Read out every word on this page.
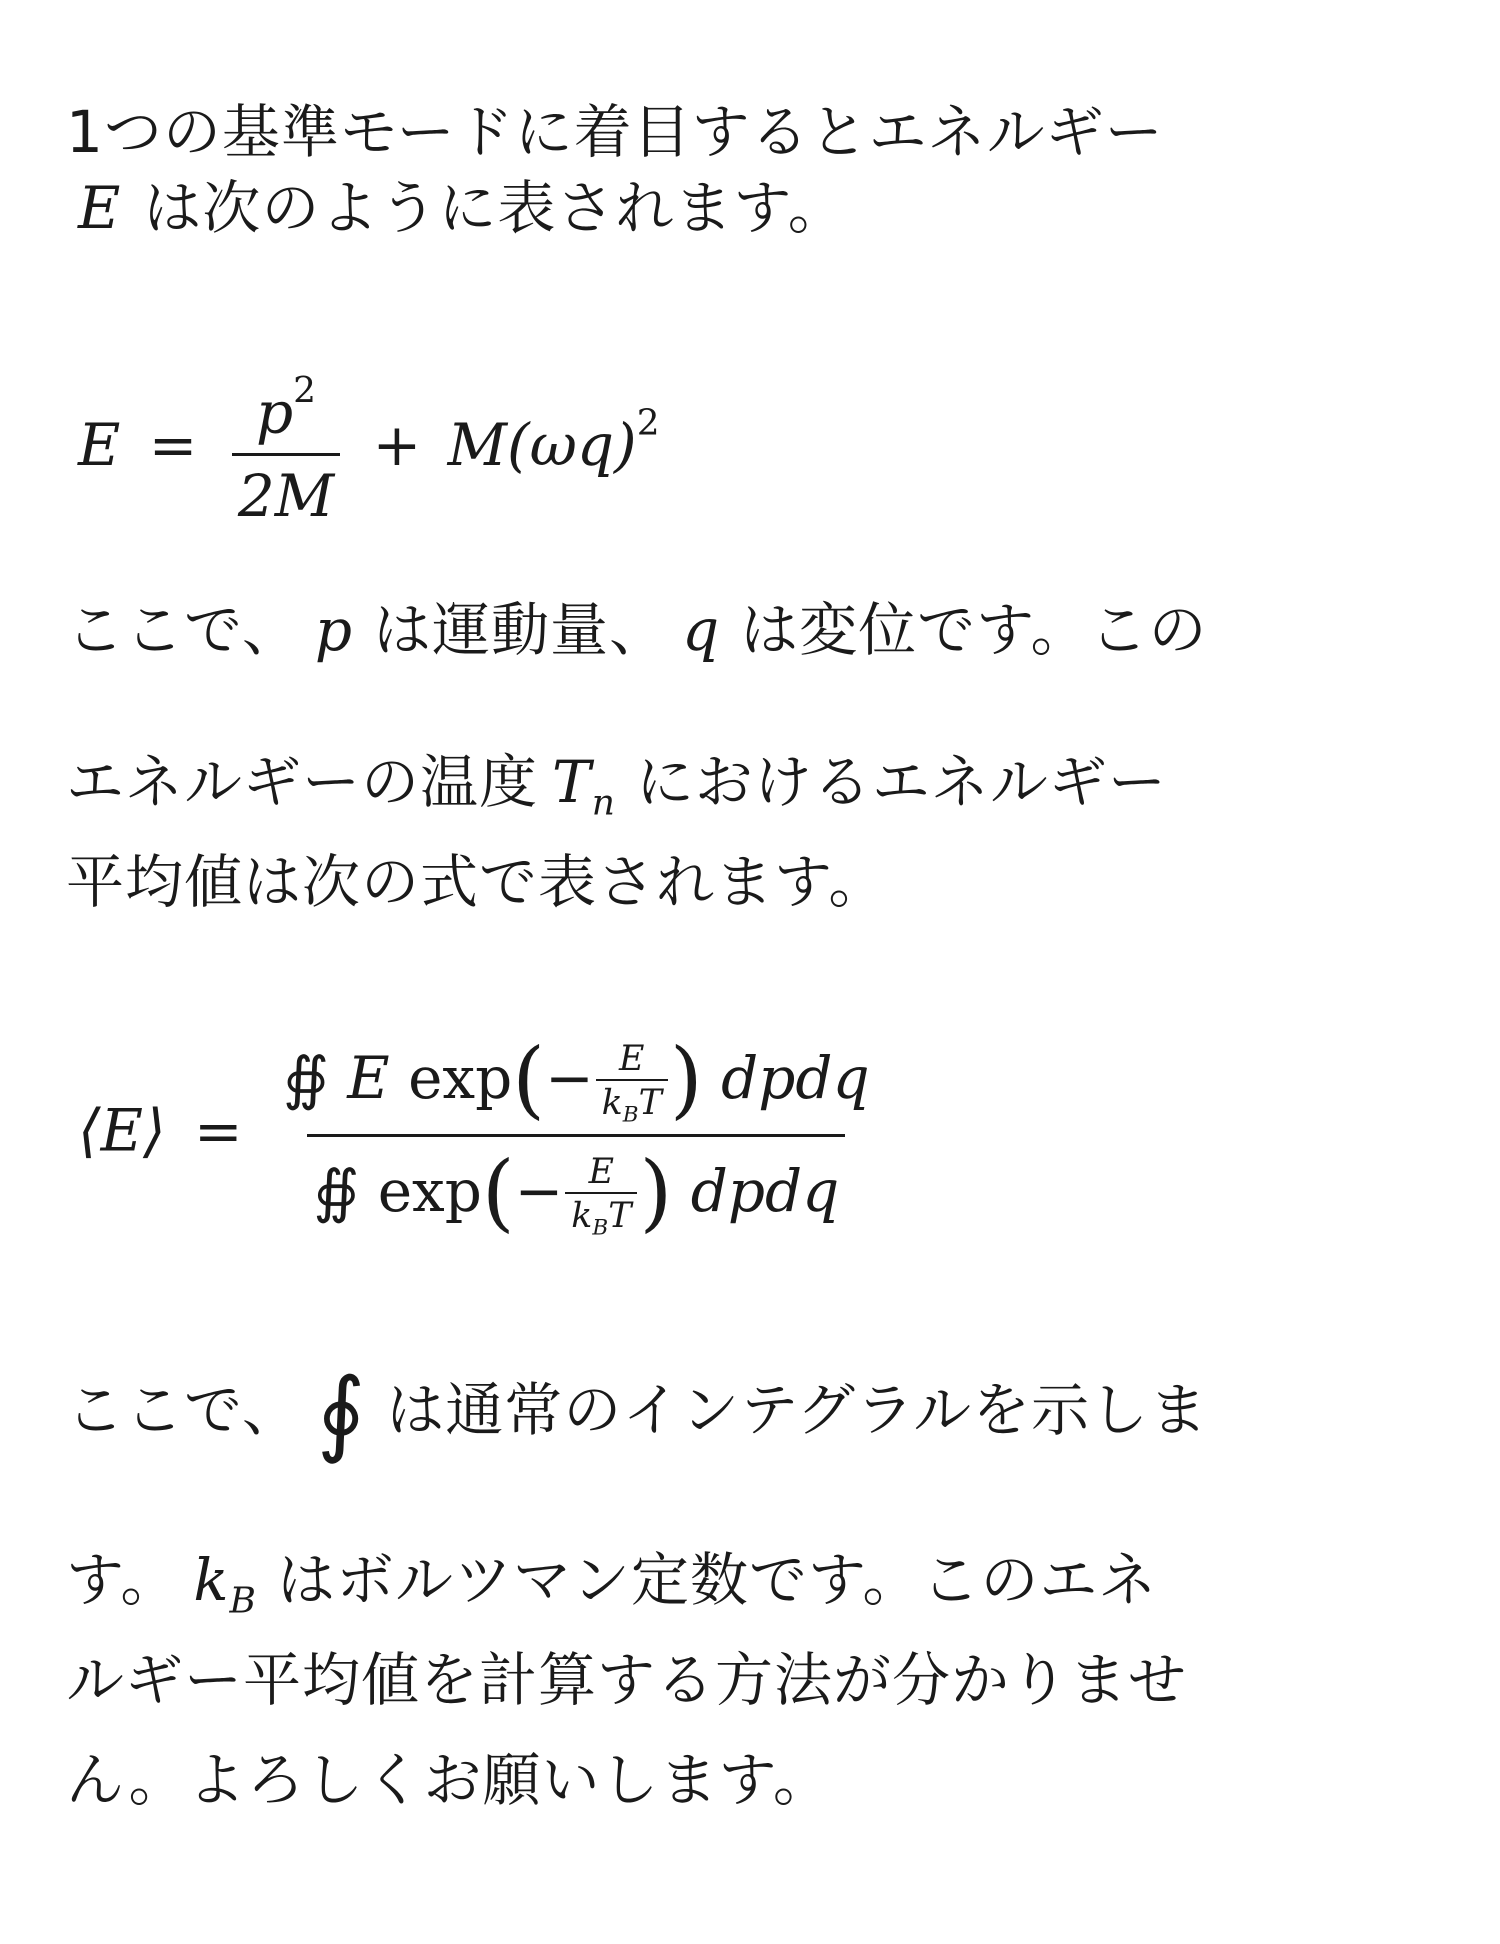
1つの基準モードに着目するとエネルギー
E は次のように表されます。
$E = \frac{p^2}{2M} + M(\omega q)^2$
ここで、 p は運動量、 q は変位です。この
エネルギーの温度 $T_n$ におけるエネルギー
平均値は次の式で表されます。
⟨E⟩ = ∯ E exp(− E
$k_BT$ ) dpdq
∯ exp(− E
$k_BT$ ) dpdq
ここで、 ∮ は通常のインテグラルを示しま
す。 $k_B$ はボルツマン定数です。このエネ
ルギー平均値を計算する方法が分かりませ
ん。よろしくお願いします。
